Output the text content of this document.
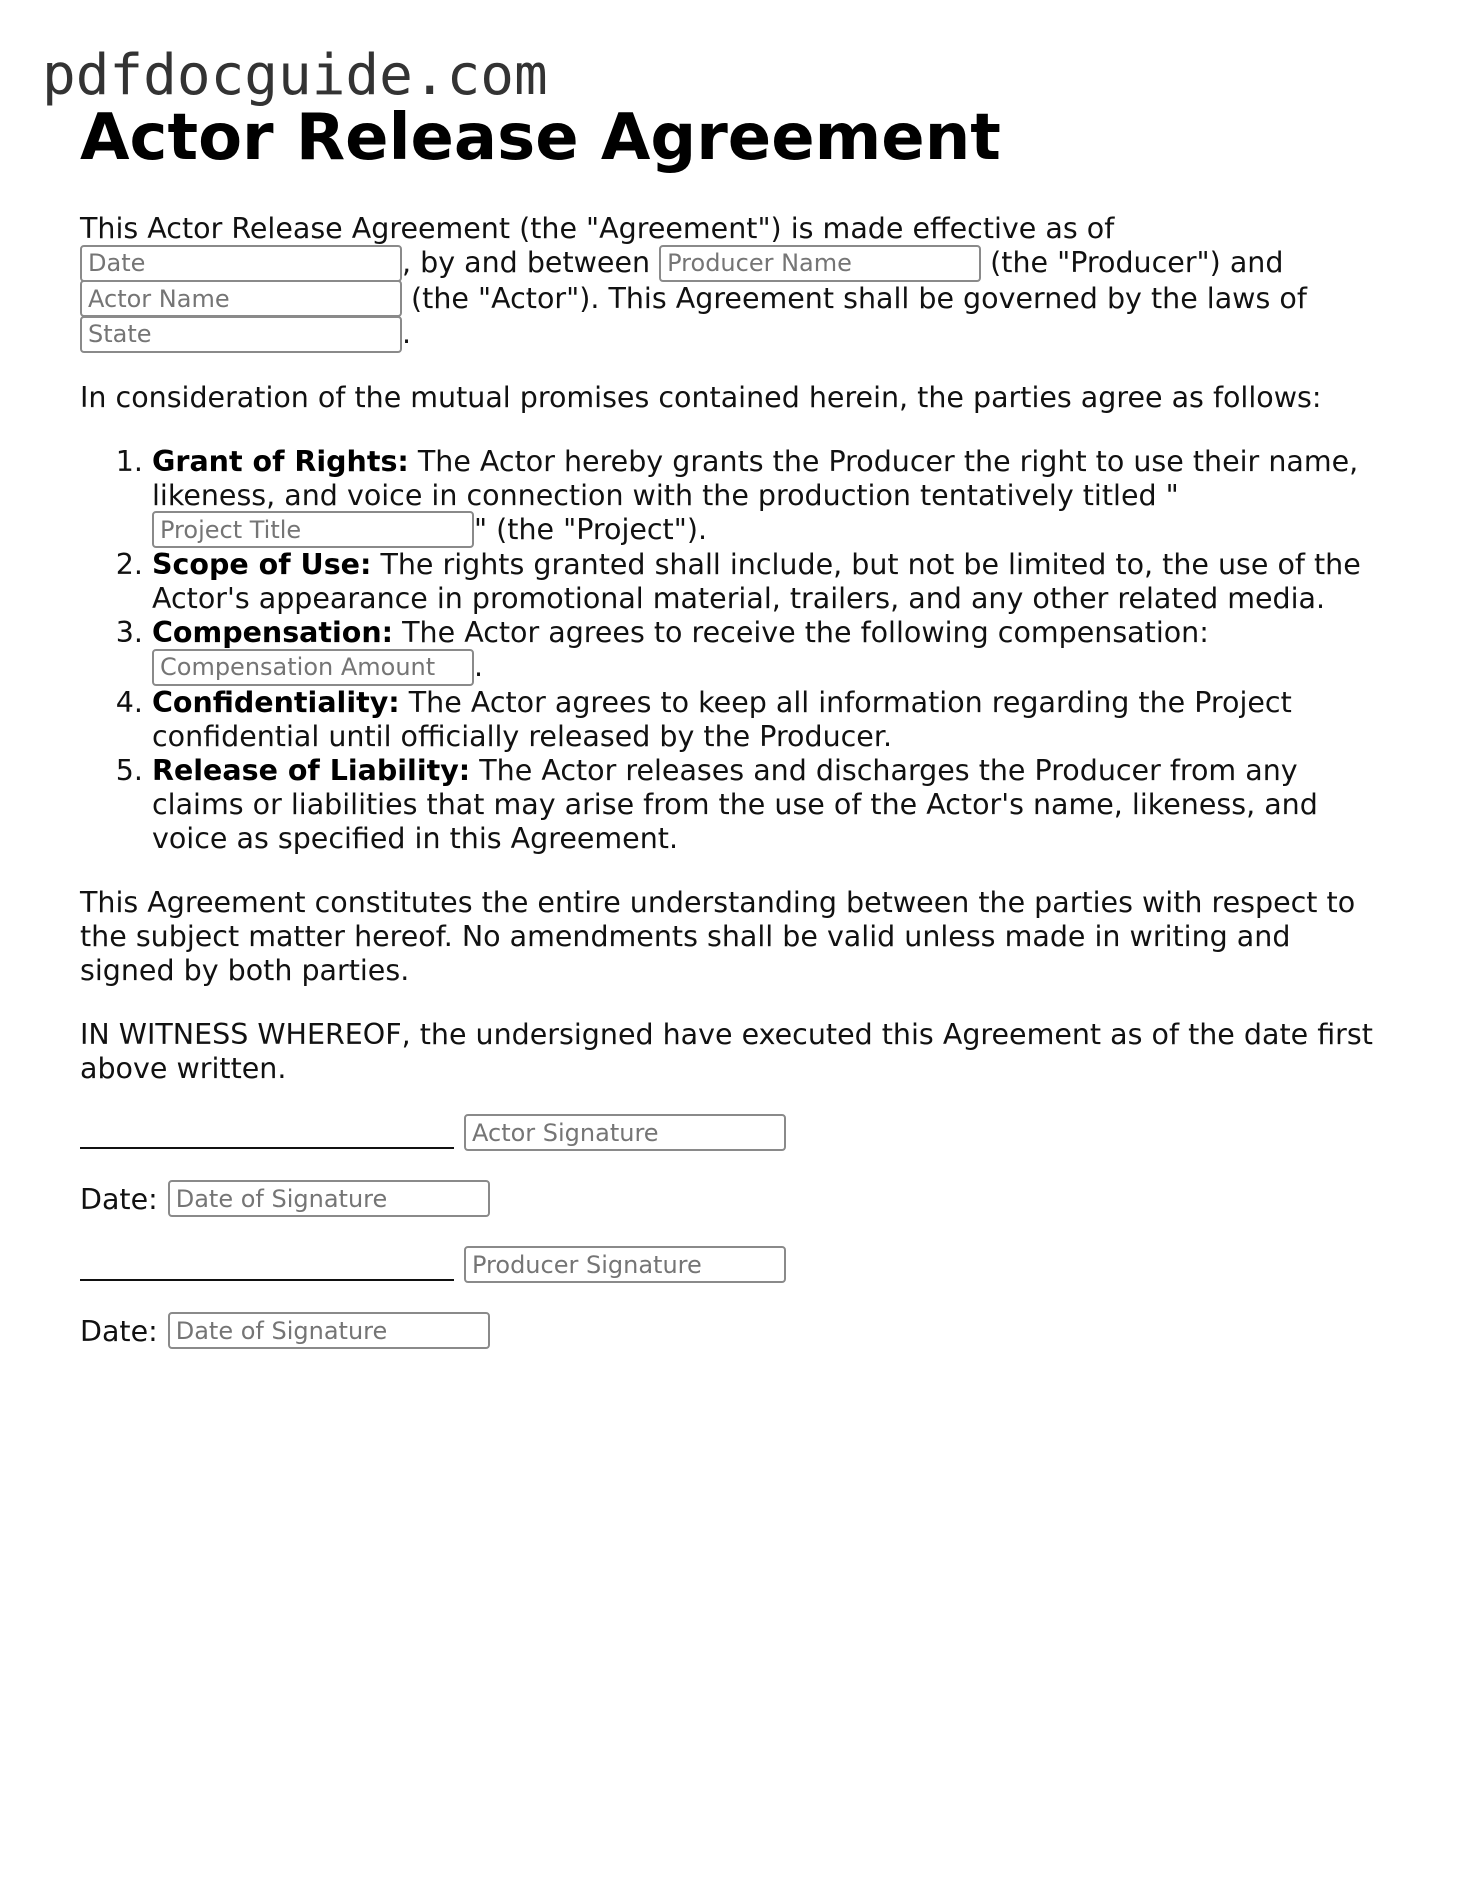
pdfdocguide.com
Actor Release Agreement

This Actor Release Agreement (the "Agreement") is made effective as of
Date, by and between Producer Name	(the "Producer") and
Actor Name (the "Actor"). This Agreement shall be governed by the laws of
State.

In consideration of the mutual promises contained herein, the parties agree as follows:

1. Grant of Rights: The Actor hereby grants the Producer the right to use their name, likeness, and voice in connection with the production tentatively titled "
Project Title" (the "Project").
2. Scope of Use: The rights granted shall include, but not be limited to, the use of the Actor's appearance in promotional material, trailers, and any other related media.
3. Compensation: The Actor agrees to receive the following compensation:
Compensation Amount.
4. Confidentiality: The Actor agrees to keep all information regarding the Project confidential until officially released by the Producer.
5. Release of Liability: The Actor releases and discharges the Producer from any claims or liabilities that may arise from the use of the Actor's name, likeness, and voice as specified in this Agreement.

This Agreement constitutes the entire understanding between the parties with respect to the subject matter hereof. No amendments shall be valid unless made in writing and signed by both parties.

IN WITNESS WHEREOF, the undersigned have executed this Agreement as of the date first above written.

Actor Signature
Date:
Date of Signature
Producer Signature
Date:
Date of Signature
